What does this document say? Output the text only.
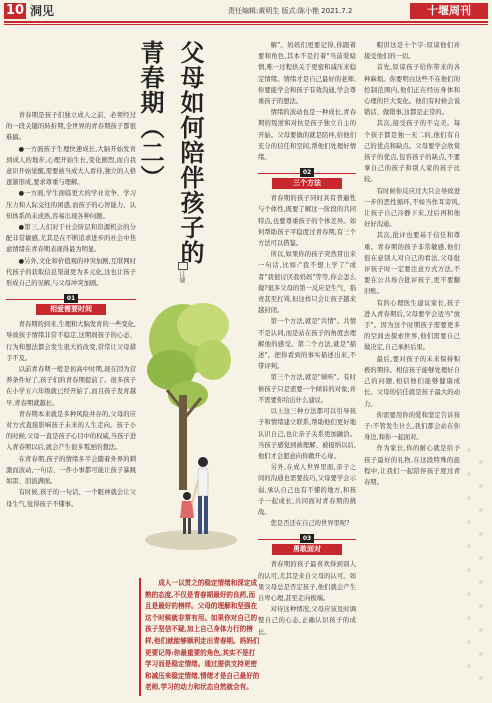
10 洞见	责任编辑:黄明生 版式:陈小艳 2021.7.2	十堰周刊

青春期是孩子们独立成人之前、必须经过的一段关键的转折期,全世界的青春期孩子都很难搞。

●一方面孩子生理快速成长,大脑开始发育到成人的地步,心理开始生长,变化剧烈,而自我意识开始觉醒,需要被当成大人看待,独立的人格逐渐形成,要求尊重与理解。

●一方面,学生面临更大的学业竞争、学习压力和人际交往的困惑,而孩子的心智能力、认知体系尚未成熟,容易出现各种问题。

●第三,人们对于社会阶层和资源机会的分配非常敏感,尤其是在不断追求进步的社会中焦虑情绪在青春期表现得最为明显。

●另外,文化和价值观的冲突加剧,互联网时代孩子的获取信息渠道更为多元化,这也让孩子形成自己的见解,与父母冲突加剧。

01
相爱需要时间

青春期的到来,生理和大脑发育的一些变化,导致孩子情绪非常不稳定,这期间孩子的心态、行为和想法都会发生很大的改变,常常让父母措手不及。

以前青春期一般是初高中时期,现在因为营养条件好了,孩子们的青春期提前了。很多孩子在小学五六年级就已经开始了,而且孩子发育越早,青春期就越长。

青春期本来就是多种风险并存的,父母的应对方式直接影响孩子未来的人生走向。孩子小的时候,父母一直是孩子心目中的权威,当孩子进入青春期以后,就会产生很多叛逆的想法。

在青春期,孩子的情绪多半会随着外界的刺激而波动,一句话、一件小事都可能让孩子暴跳如雷、泪流满面。

有时候,孩子的一句话、一个眼神就会让父母生气,觉得孩子不懂事。

父母如何陪伴孩子的青春期（二）
江婕

成人一以贯之的稳定情绪和深定成熟的态度,不仅是青春期最好的良药,而且是最好的榜样。父母的理解和坚强在这个时候就非常有用。如果你对自己的孩子坚信不疑,加上自己身体力行的榜样,他们就能够顺利走出青春期。妈妈们更要记得:你最重要的角色,其实不是打学习而是稳定情绪。通过提供支持更密和减压来稳定情绪,情绪才是自己最好的老师,学习的动力和状态自然就会有。

解"。妈妈们更要记得,你跟着要和角色,其本不是打着"当前爱暗情,唯一过程供关于更密和减压来稳定情绪。情绪才是自己最好的老师,你要能学会和孩子有效沟通,学会尊重孩子的想法。

情绪的波动也是一种成长,青春期的叛逆和对抗是孩子独立自主的开始。父母要做的就是陪伴,给他们充分的信任和空间,帮他们处理好情绪。

02
三个方法

青春期的孩子同时具有普遍性与个体性,既要了解这一阶段的共同特点,也要尊重孩子的个体差异。如何帮助孩子平稳度过青春期,有三个方法可以借鉴。

所以,如果你的孩子突然冒出来一句话,比如:"我不想上学了"或者"我很讨厌我妈妈"等等,你会怎么做?很多父母的第一反应是生气、指责甚至打骂,但这样只会让孩子越来越封闭。

第一个方法,就是"共情"。共情不是认同,而是站在孩子的角度去理解他的感受。第二个方法,就是"描述"。把你看到的事实描述出来,不带评判。

第三个方法,就是"倾听"。有时候孩子只是需要一个倾诉的对象,并不需要你给出什么建议。

以上这三种方法都可以引导孩子和情绪建立联系,帮助他们更好地认识自己,也让亲子关系更加融洽。当孩子感觉到被理解、被接纳以后,他们才会愿意向你敞开心扉。

另外,在成人世界里面,亲子之间的沟通也需要技巧,父母要学会示弱,承认自己也有不懂的地方,和孩子一起成长,共同面对青春期的挑战。

您是否还在自己的世界里呢?

03
勇敢面对

青春期的孩子最喜欢得到别人的认可,尤其是来自父母的认可。如果父母总是否定孩子,他们就会产生自卑心理,甚至走向极端。

对待这种情况,父母应该及时调整自己的心态,正确认识孩子的成长。

帽讲这是十个字:原谅他们并接受他们的一切。

首先,原谅孩子给你带来的各种麻烦。你要明白这些不在他们的控制范围内,他们正在经历身体和心理的巨大变化。他们有时候会说错话、做错事,这都是正常的。

其次,接受孩子的不完美。每个孩子都是独一无二的,他们有自己的优点和缺点。父母要学会欣赏孩子的优点,包容孩子的缺点,不要拿自己的孩子和别人家的孩子比较。

有时候你反应过大只会导致进一步的恶性循环,不如当作耳旁风,让孩子自己冷静下来,过后再和他好好沟通。

其次,批评也要基于信任和尊重。青春期的孩子非常敏感,他们很在意别人对自己的看法,父母批评孩子时一定要注意方式方法,不要在公共场合批评孩子,更不要翻旧账。

有的心理医生建议家长,孩子进入青春期后,父母要学会适当"放手"。因为这个时期孩子需要更多的空间去探索世界,他们需要自己做决定,自己承担后果。

最后,要对孩子的未来保持积极的期待。相信孩子能够处理好自己的问题,相信他们能够健康成长。父母的信任就是孩子最大的动力。

你需要用你的爱和坚定告诉孩子:不管发生什么,我们都会站在你身边,和你一起面对。

作为家长,你的耐心就是给予孩子最好的礼物,在这段特殊的旅程中,让我们一起陪伴孩子度过青春期。
